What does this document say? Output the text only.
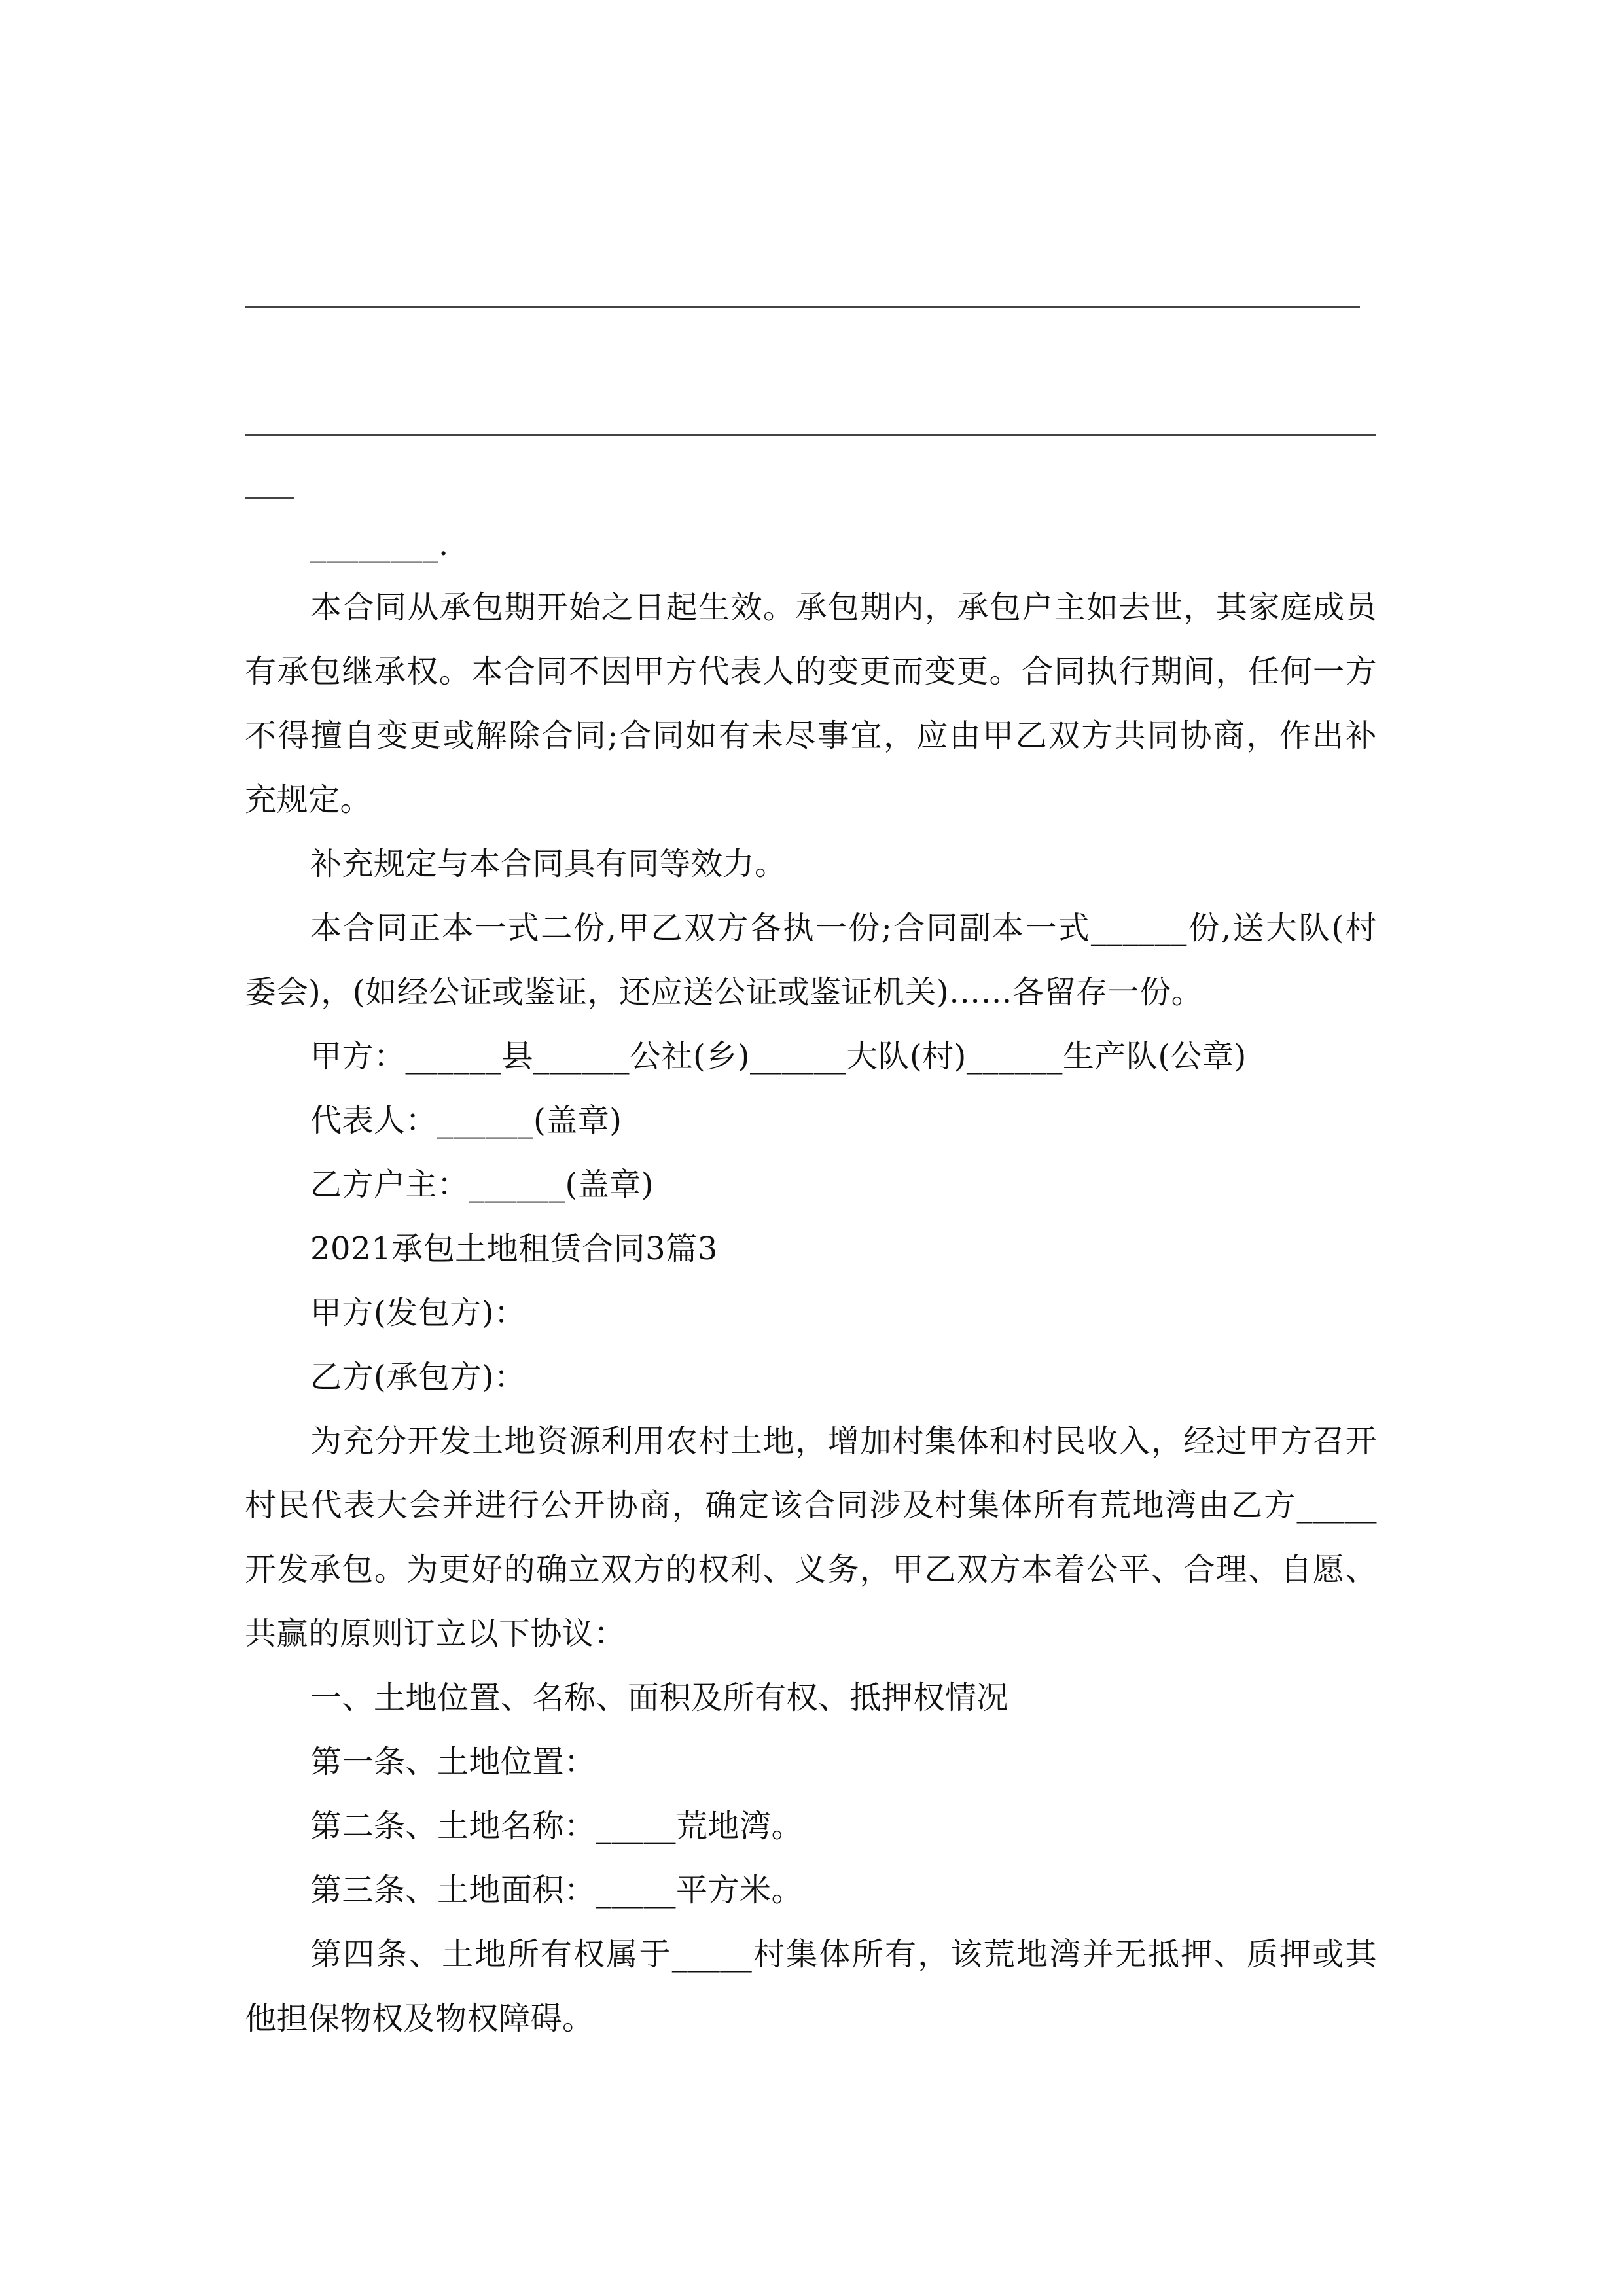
________.
本合同从承包期开始之日起生效。承包期内，承包户主如去世，其家庭成员
有承包继承权。本合同不因甲方代表人的变更而变更。合同执行期间，任何一方
不得擅自变更或解除合同;合同如有未尽事宜，应由甲乙双方共同协商，作出补
充规定。
补充规定与本合同具有同等效力。
本合同正本一式二份,甲乙双方各执一份;合同副本一式______份,送大队(村
委会)，(如经公证或鉴证，还应送公证或鉴证机关)……各留存一份。
甲方：______县______公社(乡)______大队(村)______生产队(公章)
代表人：______(盖章)
乙方户主：______(盖章)
2021承包土地租赁合同3篇3
甲方(发包方)：
乙方(承包方)：
为充分开发土地资源利用农村土地，增加村集体和村民收入，经过甲方召开
村民代表大会并进行公开协商，确定该合同涉及村集体所有荒地湾由乙方_____
开发承包。为更好的确立双方的权利、义务，甲乙双方本着公平、合理、自愿、
共赢的原则订立以下协议：
一、土地位置、名称、面积及所有权、抵押权情况
第一条、土地位置：
第二条、土地名称：_____荒地湾。
第三条、土地面积：_____平方米。
第四条、土地所有权属于_____村集体所有，该荒地湾并无抵押、质押或其
他担保物权及物权障碍。
